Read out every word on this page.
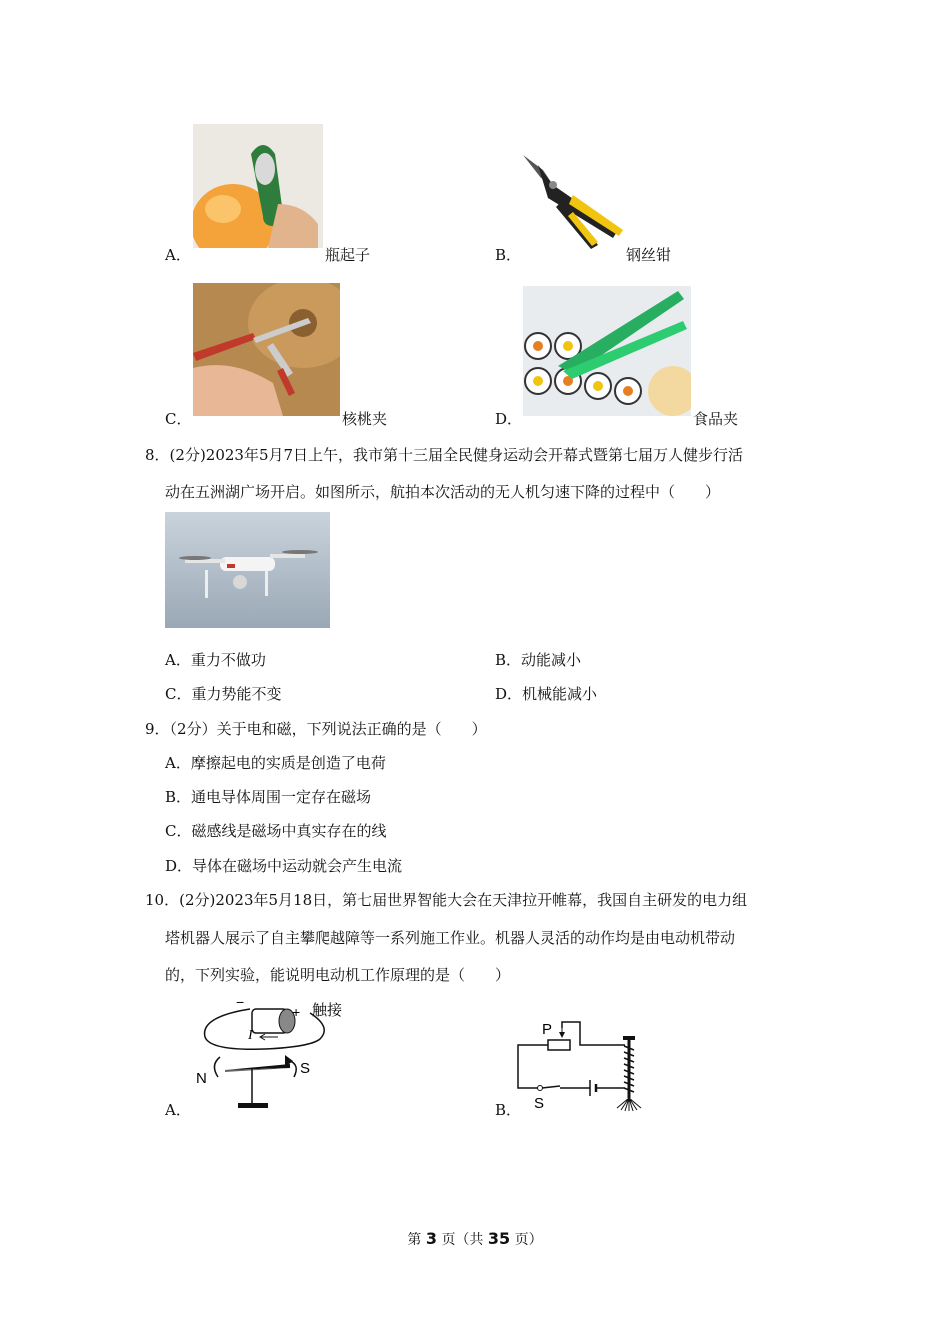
A．	瓶起子	B．	钢丝钳
C．	核桃夹	D．	食品夹
8．(2分)2023年5月7日上午，我市第十三届全民健身运动会开幕式暨第七届万人健步行活
动在五洲湖广场开启。如图所示，航拍本次活动的无人机匀速下降的过程中（　　）
A．重力不做功	B．动能减小
C．重力势能不变	D．机械能减小
9．（2分）关于电和磁，下列说法正确的是（　　）
A．摩擦起电的实质是创造了电荷
B．通电导体周围一定存在磁场
C．磁感线是磁场中真实存在的线
D．导体在磁场中运动就会产生电流
10．(2分)2023年5月18日，第七届世界智能大会在天津拉开帷幕，我国自主研发的电力组
塔机器人展示了自主攀爬越障等一系列施工作业。机器人灵活的动作均是由电动机带动
的，下列实验，能说明电动机工作原理的是（　　）
−
+ 触接
I
N
S
A．
P
S
B．
第 3 页（共 35 页）
